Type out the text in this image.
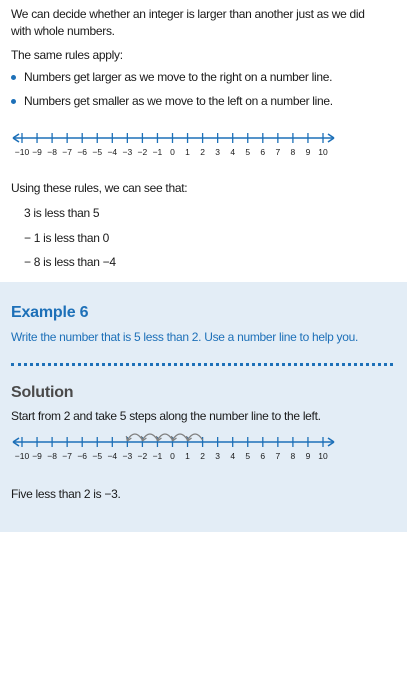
We can decide whether an integer is larger than another just as we did
with whole numbers.

The same rules apply:

Numbers get larger as we move to the right on a number line.
Numbers get smaller as we move to the left on a number line.
−10 −9 −8 −7 −6 −5 −4 −3 −2 −1 0 1 2 3 4 5 6 7 8 9 10

Using these rules, we can see that:

3 is less than 5
− 1 is less than 0
− 8 is less than −4
Example 6
Write the number that is 5 less than 2. Use a number line to help you.
Solution
Start from 2 and take 5 steps along the number line to the left.
−10 −9 −8 −7 −6 −5 −4 −3 −2 −1 0 1 2 3 4 5 6 7 8 9 10
Five less than 2 is −3.
